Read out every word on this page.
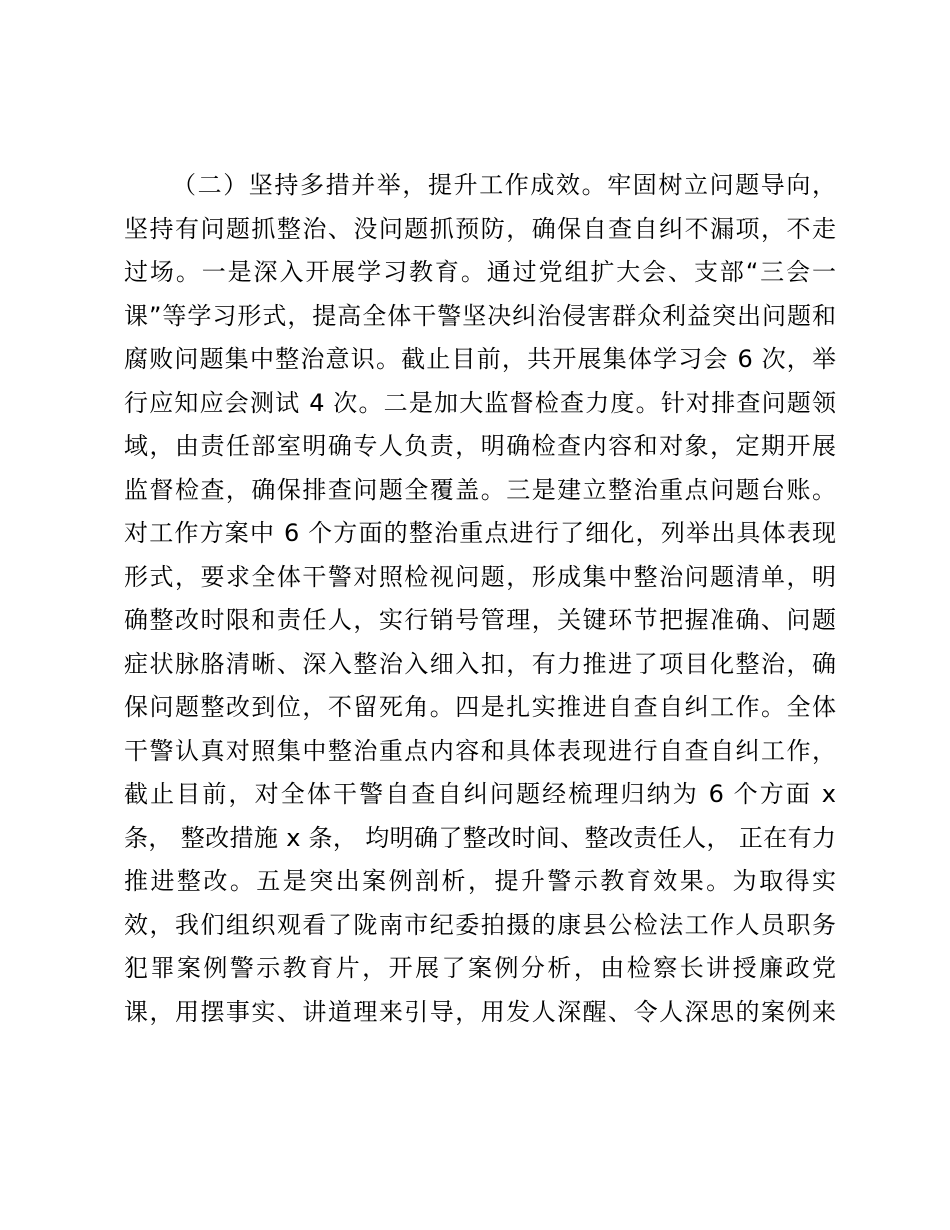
（二）坚持多措并举，提升工作成效。牢固树立问题导向，
坚持有问题抓整治、没问题抓预防，确保自查自纠不漏项，不走
过场。一是深入开展学习教育。通过党组扩大会、支部“三会一
课”等学习形式，提高全体干警坚决纠治侵害群众利益突出问题和
腐败问题集中整治意识。截止目前，共开展集体学习会 6 次，举
行应知应会测试 4 次。二是加大监督检查力度。针对排查问题领
域，由责任部室明确专人负责，明确检查内容和对象，定期开展
监督检查，确保排查问题全覆盖。三是建立整治重点问题台账。
对工作方案中 6 个方面的整治重点进行了细化，列举出具体表现
形式，要求全体干警对照检视问题，形成集中整治问题清单，明
确整改时限和责任人，实行销号管理，关键环节把握准确、问题
症状脉胳清晰、深入整治入细入扣，有力推进了项目化整治，确
保问题整改到位，不留死角。四是扎实推进自查自纠工作。全体
干警认真对照集中整治重点内容和具体表现进行自查自纠工作，
截止目前，对全体干警自查自纠问题经梳理归纳为 6 个方面 x
条， 整改措施 x 条， 均明确了整改时间、整改责任人， 正在有力
推进整改。五是突出案例剖析，提升警示教育效果。为取得实
效，我们组织观看了陇南市纪委拍摄的康县公检法工作人员职务
犯罪案例警示教育片，开展了案例分析，由检察长讲授廉政党
课，用摆事实、讲道理来引导，用发人深醒、令人深思的案例来
